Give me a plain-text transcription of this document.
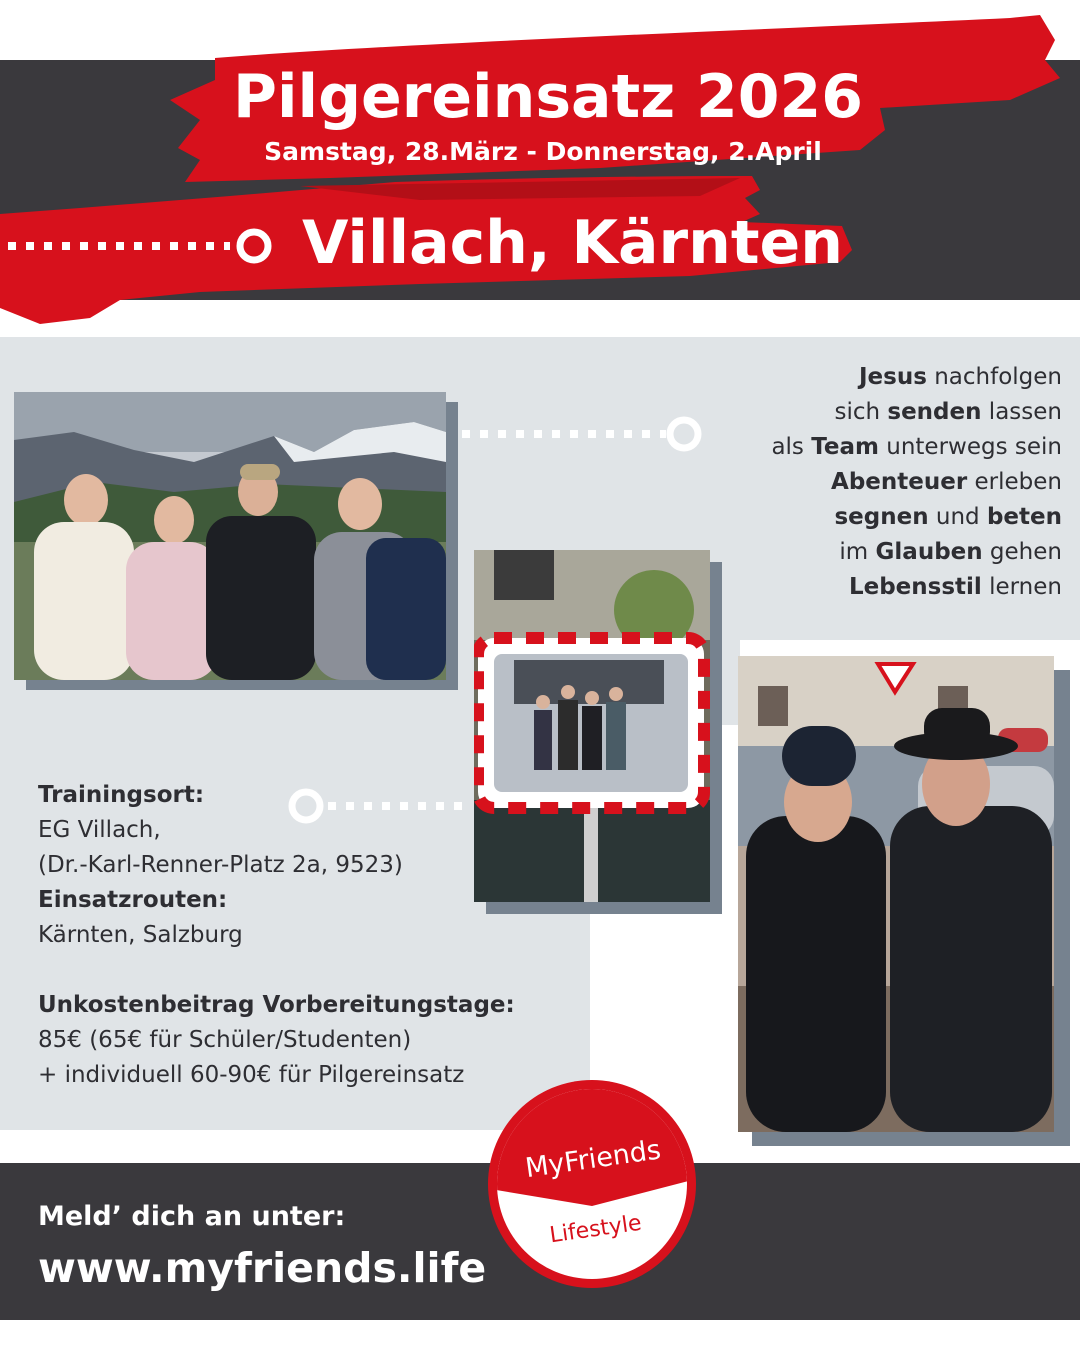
Pilgereinsatz 2026
Samstag, 28.März - Donnerstag, 2.April
Villach, Kärnten
Jesus nachfolgen
sich senden lassen
als Team unterwegs sein
Abenteuer erleben
segnen und beten
im Glauben gehen
Lebensstil lernen
Trainingsort:
EG Villach,
(Dr.-Karl-Renner-Platz 2a, 9523)
Einsatzrouten:
Kärnten, Salzburg
Unkostenbeitrag Vorbereitungstage:
85€ (65€ für Schüler/Studenten)
+ individuell 60-90€ für Pilgereinsatz
Meld’ dich an unter:
www.myfriends.life
MyFriends
Lifestyle
